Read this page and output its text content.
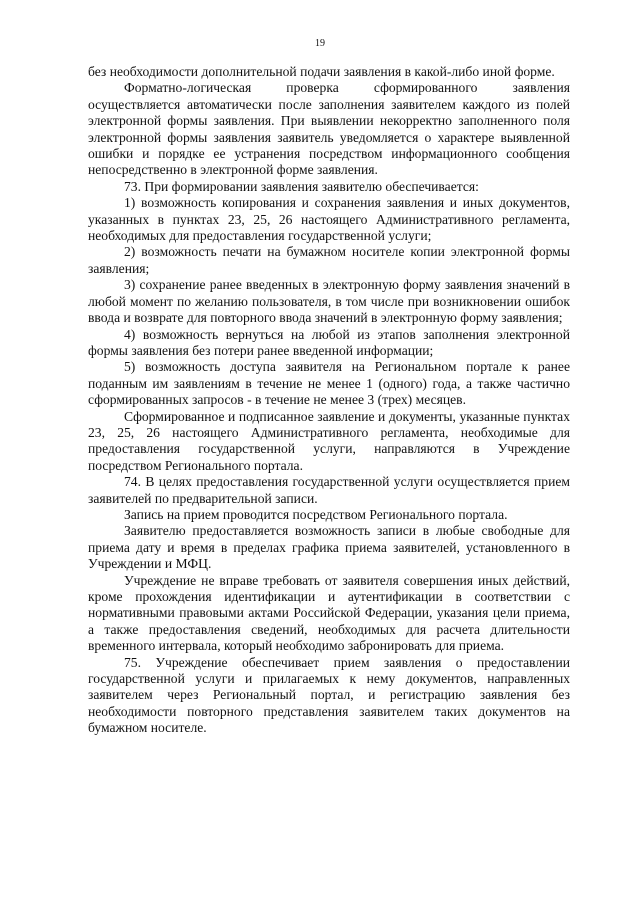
19

без необходимости дополнительной подачи заявления в какой-либо иной форме.

Форматно-логическая проверка сформированного заявления осуществляется автоматически после заполнения заявителем каждого из полей электронной формы заявления. При выявлении некорректно заполненного поля электронной формы заявления заявитель уведомляется о характере выявленной ошибки и порядке ее устранения посредством информационного сообщения непосредственно в электронной форме заявления.

73. При формировании заявления заявителю обеспечивается:

1) возможность копирования и сохранения заявления и иных документов, указанных в пунктах 23, 25, 26 настоящего Административного регламента, необходимых для предоставления государственной услуги;

2) возможность печати на бумажном носителе копии электронной формы заявления;

3) сохранение ранее введенных в электронную форму заявления значений в любой момент по желанию пользователя, в том числе при возникновении ошибок ввода и возврате для повторного ввода значений в электронную форму заявления;

4) возможность вернуться на любой из этапов заполнения электронной формы заявления без потери ранее введенной информации;

5) возможность доступа заявителя на Региональном портале к ранее поданным им заявлениям в течение не менее 1 (одного) года, а также частично сформированных запросов - в течение не менее 3 (трех) месяцев.

Сформированное и подписанное заявление и документы, указанные пунктах 23, 25, 26 настоящего Административного регламента, необходимые для предоставления государственной услуги, направляются в Учреждение посредством Регионального портала.

74. В целях предоставления государственной услуги осуществляется прием заявителей по предварительной записи.

Запись на прием проводится посредством Регионального портала.

Заявителю предоставляется возможность записи в любые свободные для приема дату и время в пределах графика приема заявителей, установленного в Учреждении и МФЦ.

Учреждение не вправе требовать от заявителя совершения иных действий, кроме прохождения идентификации и аутентификации в соответствии с нормативными правовыми актами Российской Федерации, указания цели приема, а также предоставления сведений, необходимых для расчета длительности временного интервала, который необходимо забронировать для приема.

75. Учреждение обеспечивает прием заявления о предоставлении государственной услуги и прилагаемых к нему документов, направленных заявителем через Региональный портал, и регистрацию заявления без необходимости повторного представления заявителем таких документов на бумажном носителе.
